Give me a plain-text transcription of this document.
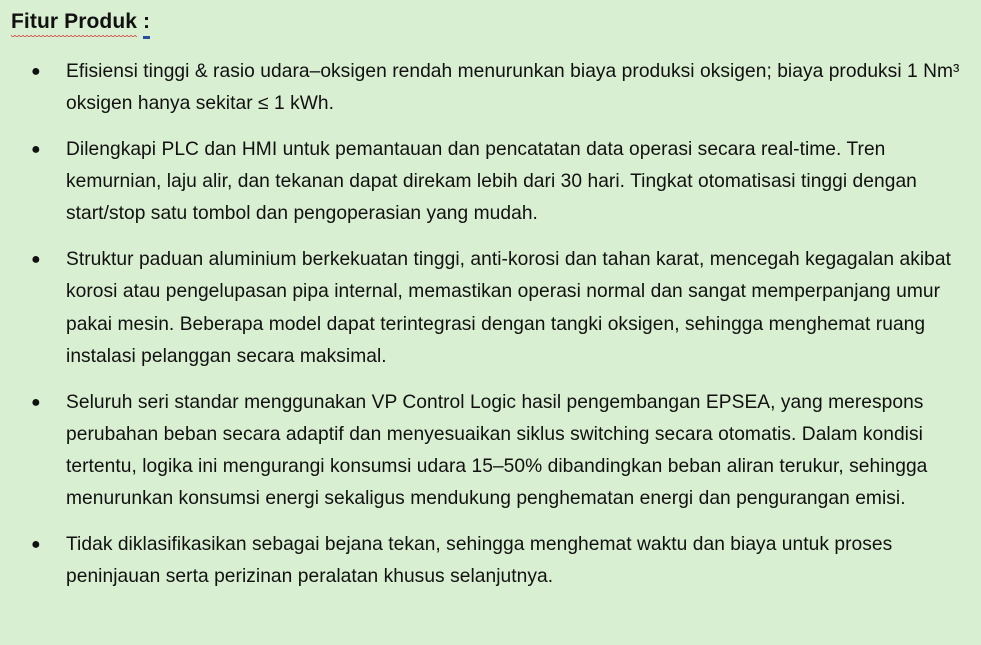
Fitur Produk :
● Efisiensi tinggi & rasio udara–oksigen rendah menurunkan biaya produksi oksigen; biaya produksi 1 Nm³ oksigen hanya sekitar ≤ 1 kWh.
● Dilengkapi PLC dan HMI untuk pemantauan dan pencatatan data operasi secara real-time. Tren kemurnian, laju alir, dan tekanan dapat direkam lebih dari 30 hari. Tingkat otomatisasi tinggi dengan start/stop satu tombol dan pengoperasian yang mudah.
● Struktur paduan aluminium berkekuatan tinggi, anti-korosi dan tahan karat, mencegah kegagalan akibat korosi atau pengelupasan pipa internal, memastikan operasi normal dan sangat memperpanjang umur pakai mesin. Beberapa model dapat terintegrasi dengan tangki oksigen, sehingga menghemat ruang instalasi pelanggan secara maksimal.
● Seluruh seri standar menggunakan VP Control Logic hasil pengembangan EPSEA, yang merespons perubahan beban secara adaptif dan menyesuaikan siklus switching secara otomatis. Dalam kondisi tertentu, logika ini mengurangi konsumsi udara 15–50% dibandingkan beban aliran terukur, sehingga menurunkan konsumsi energi sekaligus mendukung penghematan energi dan pengurangan emisi.
● Tidak diklasifikasikan sebagai bejana tekan, sehingga menghemat waktu dan biaya untuk proses peninjauan serta perizinan peralatan khusus selanjutnya.
